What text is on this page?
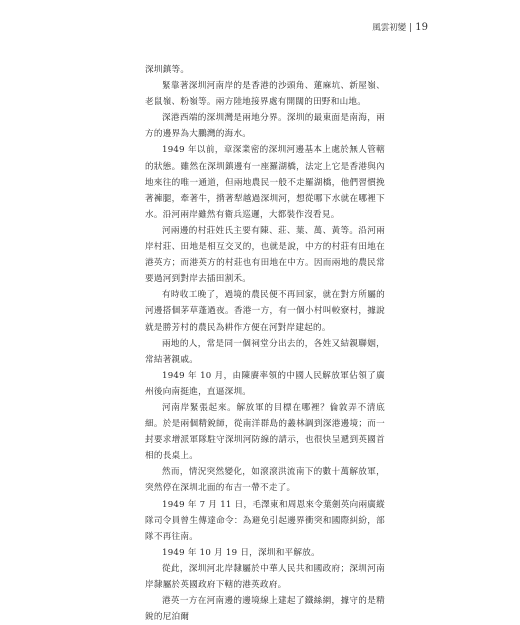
風雲初變 19

深圳鎮等。

緊靠著深圳河南岸的是香港的沙頭角、蓮麻坑、新屋嶺、老鼠嶺、粉嶺等。兩方陸地接界處有開闊的田野和山地。

深港西端的深圳灣是兩地分界。深圳的最東面是南海，兩方的邊界為大鵬灣的海水。

1949 年以前，章深業密的深圳河邊基本上處於無人管轄的狀態。雖然在深圳鎮邊有一座羅湖橋，法定上它是香港與內地來往的唯一通道，但兩地農民一般不走羅湖橋，他們習慣挽著褲腿，牽著牛，揹著犁越過深圳河，想從哪下水就在哪裡下水。沿河兩岸雖然有衛兵巡邏，大都裝作沒看見。

河兩邊的村莊姓氏主要有陳、莊、葉、萬、黃等。沿河兩岸村莊、田地是相互交叉的，也就是說，中方的村莊有田地在港英方；而港英方的村莊也有田地在中方。因而兩地的農民常要過河到對岸去插田割禾。

有時收工晚了，過境的農民便不再回家，就在對方所屬的河邊搭個茅草蓬過夜。香港一方，有一個小村叫較寮村，據說就是勝芳村的農民為耕作方便在河對岸建起的。

兩地的人，常是同一個祠堂分出去的，各姓又結親聯姻，常結著親戚。

1949 年 10 月，由陳賡率領的中國人民解放軍佔領了廣州後向南挺進，直逼深圳。

河南岸緊張起來。解放軍的目標在哪裡？倫敦弄不清底細。於是兩個精銳師，從南洋群島的叢林調到深港邊境；而一封要求增派軍隊駐守深圳河防線的請示，也很快呈遞到英國首相的長桌上。

然而，情況突然變化，如滾滾洪流南下的數十萬解放軍，突然停在深圳北面的布吉一帶不走了。

1949 年 7 月 11 日，毛澤東和周恩來令葉劍英向兩廣縱隊司令員曾生傳達命令：為避免引起邊界衝突和國際糾紛，部隊不再往南。

1949 年 10 月 19 日，深圳和平解放。

從此，深圳河北岸隸屬於中華人民共和國政府；深圳河南岸隸屬於英國政府下轄的港英政府。

港英一方在河南邊的邊境線上建起了鐵絲網，據守的是精銳的尼泊爾
